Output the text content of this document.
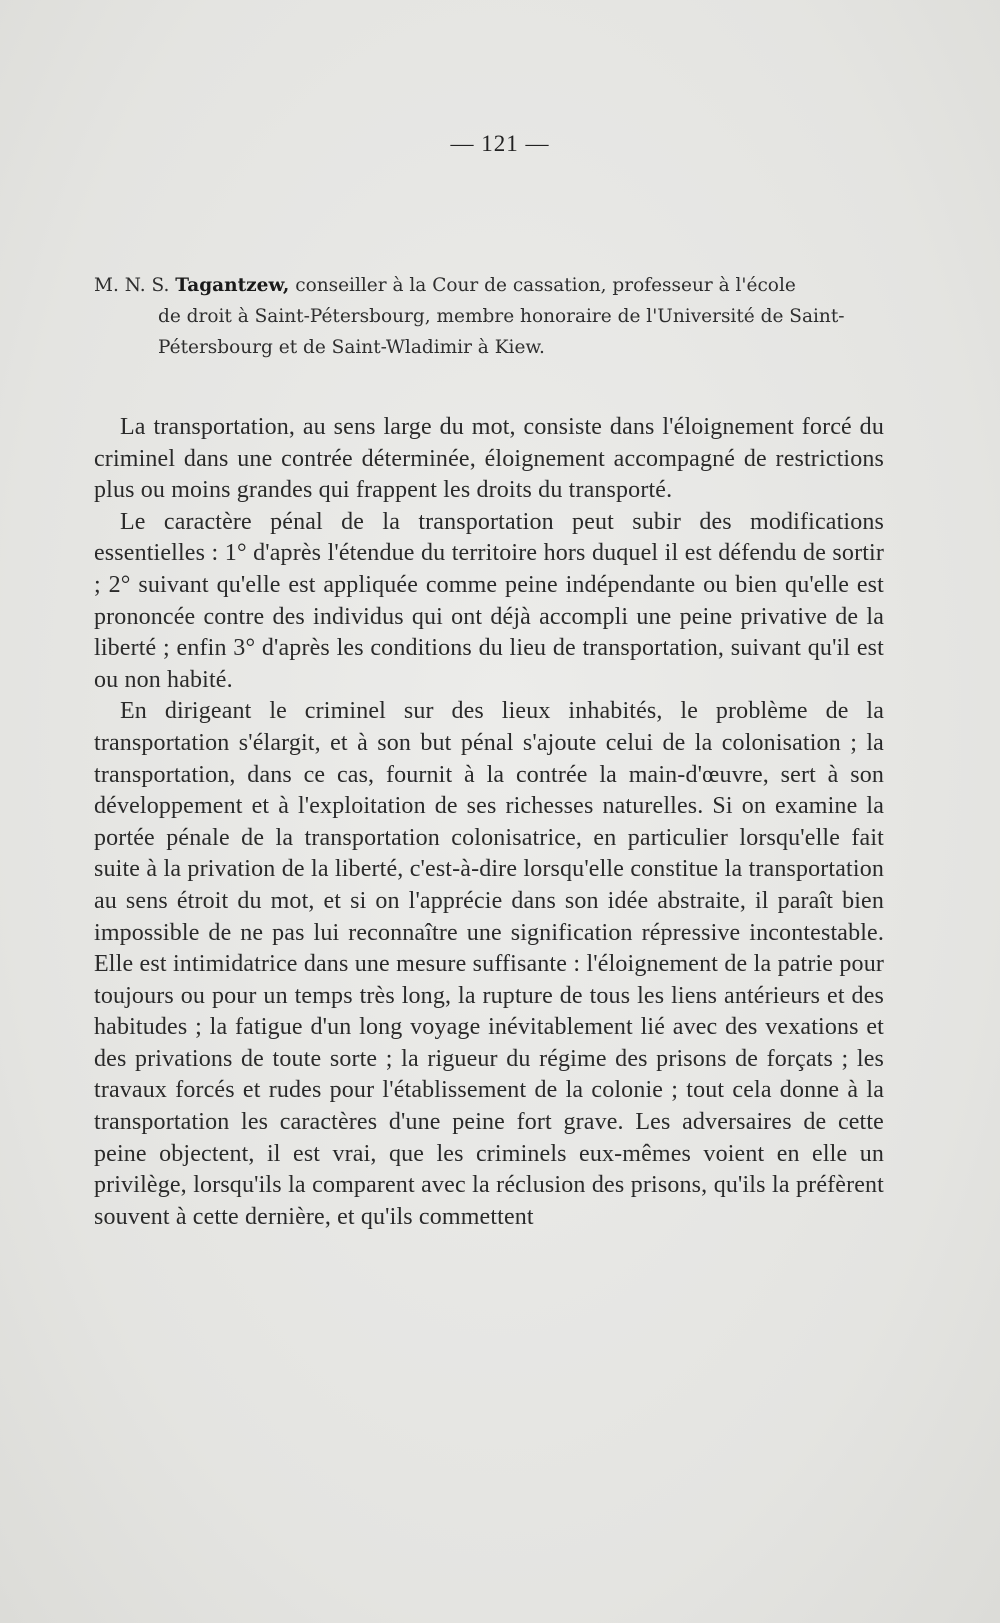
— 121 —
M. N. S. Tagantzew, conseiller à la Cour de cassation, professeur à l'école
de droit à Saint-Pétersbourg, membre honoraire de l'Université de Saint-
Pétersbourg et de Saint-Wladimir à Kiew.

La transportation, au sens large du mot, consiste dans l'éloignement forcé du criminel dans une contrée déterminée, éloignement accompagné de restrictions plus ou moins grandes qui frappent les droits du transporté.

Le caractère pénal de la transportation peut subir des modifications essentielles : 1° d'après l'étendue du territoire hors duquel il est défendu de sortir ; 2° suivant qu'elle est appliquée comme peine indépendante ou bien qu'elle est prononcée contre des individus qui ont déjà accompli une peine privative de la liberté ; enfin 3° d'après les conditions du lieu de transportation, suivant qu'il est ou non habité.

En dirigeant le criminel sur des lieux inhabités, le problème de la transportation s'élargit, et à son but pénal s'ajoute celui de la colonisation ; la transportation, dans ce cas, fournit à la contrée la main-d'œuvre, sert à son développement et à l'exploitation de ses richesses naturelles. Si on examine la portée pénale de la transportation colonisatrice, en particulier lorsqu'elle fait suite à la privation de la liberté, c'est-à-dire lorsqu'elle constitue la transportation au sens étroit du mot, et si on l'apprécie dans son idée abstraite, il paraît bien impossible de ne pas lui reconnaître une signification répressive incontestable. Elle est intimidatrice dans une mesure suffisante : l'éloignement de la patrie pour toujours ou pour un temps très long, la rupture de tous les liens antérieurs et des habitudes ; la fatigue d'un long voyage inévitablement lié avec des vexations et des privations de toute sorte ; la rigueur du régime des prisons de forçats ; les travaux forcés et rudes pour l'établissement de la colonie ; tout cela donne à la transportation les caractères d'une peine fort grave. Les adversaires de cette peine objectent, il est vrai, que les criminels eux-mêmes voient en elle un privilège, lorsqu'ils la comparent avec la réclusion des prisons, qu'ils la préfèrent souvent à cette dernière, et qu'ils commettent
